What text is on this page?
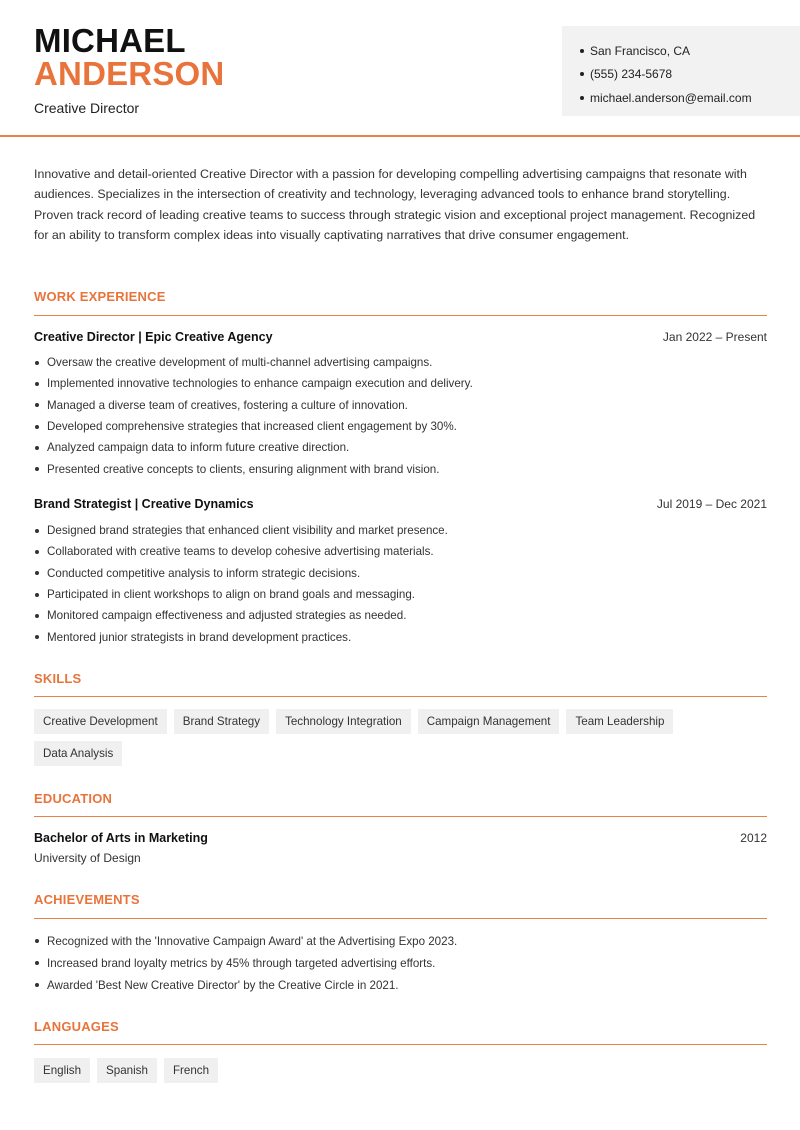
MICHAEL
ANDERSON
Creative Director
San Francisco, CA
(555) 234-5678
michael.anderson@email.com

Innovative and detail-oriented Creative Director with a passion for developing compelling advertising campaigns that resonate with audiences. Specializes in the intersection of creativity and technology, leveraging advanced tools to enhance brand storytelling. Proven track record of leading creative teams to success through strategic vision and exceptional project management. Recognized for an ability to transform complex ideas into visually captivating narratives that drive consumer engagement.

WORK EXPERIENCE
Creative Director | Epic Creative Agency	Jan 2022 – Present
Oversaw the creative development of multi-channel advertising campaigns.
Implemented innovative technologies to enhance campaign execution and delivery.
Managed a diverse team of creatives, fostering a culture of innovation.
Developed comprehensive strategies that increased client engagement by 30%.
Analyzed campaign data to inform future creative direction.
Presented creative concepts to clients, ensuring alignment with brand vision.
Brand Strategist | Creative Dynamics	Jul 2019 – Dec 2021
Designed brand strategies that enhanced client visibility and market presence.
Collaborated with creative teams to develop cohesive advertising materials.
Conducted competitive analysis to inform strategic decisions.
Participated in client workshops to align on brand goals and messaging.
Monitored campaign effectiveness and adjusted strategies as needed.
Mentored junior strategists in brand development practices.
SKILLS
Creative Development	Brand Strategy	Technology Integration	Campaign Management	Team Leadership
Data Analysis
EDUCATION
Bachelor of Arts in Marketing	2012
University of Design
ACHIEVEMENTS
Recognized with the 'Innovative Campaign Award' at the Advertising Expo 2023.
Increased brand loyalty metrics by 45% through targeted advertising efforts.
Awarded 'Best New Creative Director' by the Creative Circle in 2021.
LANGUAGES
English	Spanish	French
